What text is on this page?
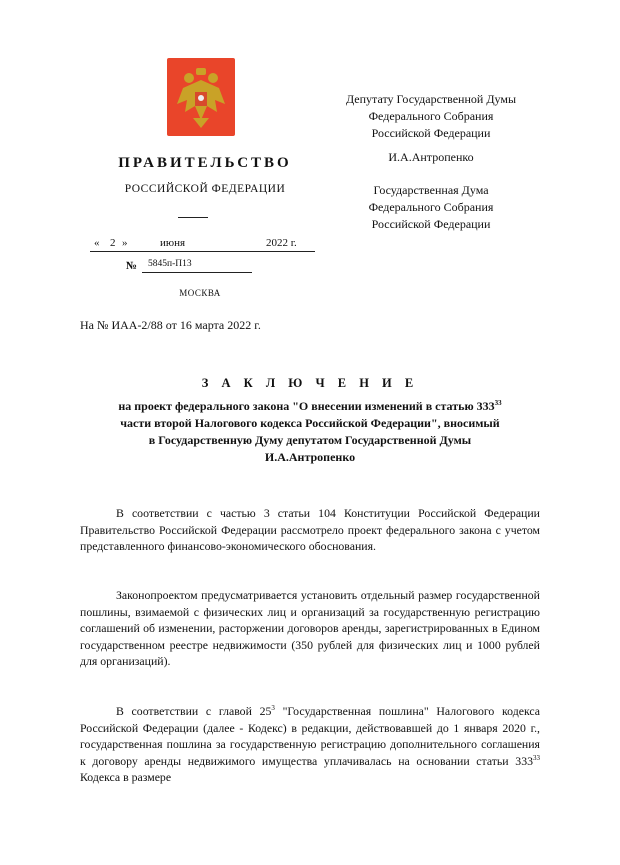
ПРАВИТЕЛЬСТВО
РОССИЙСКОЙ ФЕДЕРАЦИИ
« 2 »	июня	2022 г.
№ 5845п-П13
МОСКВА
Депутату Государственной Думы
Федерального Собрания
Российской Федерации
И.А.Антропенко
Государственная Дума
Федерального Собрания
Российской Федерации
На № ИАА-2/88 от 16 марта 2022 г.
З А К Л Ю Ч Е Н И Е
на проект федерального закона "О внесении изменений в статью $333^{33}$
части второй Налогового кодекса Российской Федерации", вносимый
в Государственную Думу депутатом Государственной Думы
И.А.Антропенко

В соответствии с частью 3 статьи 104 Конституции Российской Федерации Правительство Российской Федерации рассмотрело проект федерального закона с учетом представленного финансово-экономического обоснования.

Законопроектом предусматривается установить отдельный размер государственной пошлины, взимаемой с физических лиц и организаций за государственную регистрацию соглашений об изменении, расторжении договоров аренды, зарегистрированных в Едином государственном реестре недвижимости (350 рублей для физических лиц и 1000 рублей для организаций).

В соответствии с главой $25^3$ "Государственная пошлина" Налогового кодекса Российской Федерации (далее - Кодекс) в редакции, действовавшей до 1 января 2020 г., государственная пошлина за государственную регистрацию дополнительного соглашения к договору аренды недвижимого имущества уплачивалась на основании статьи $333^{33}$ Кодекса в размере
